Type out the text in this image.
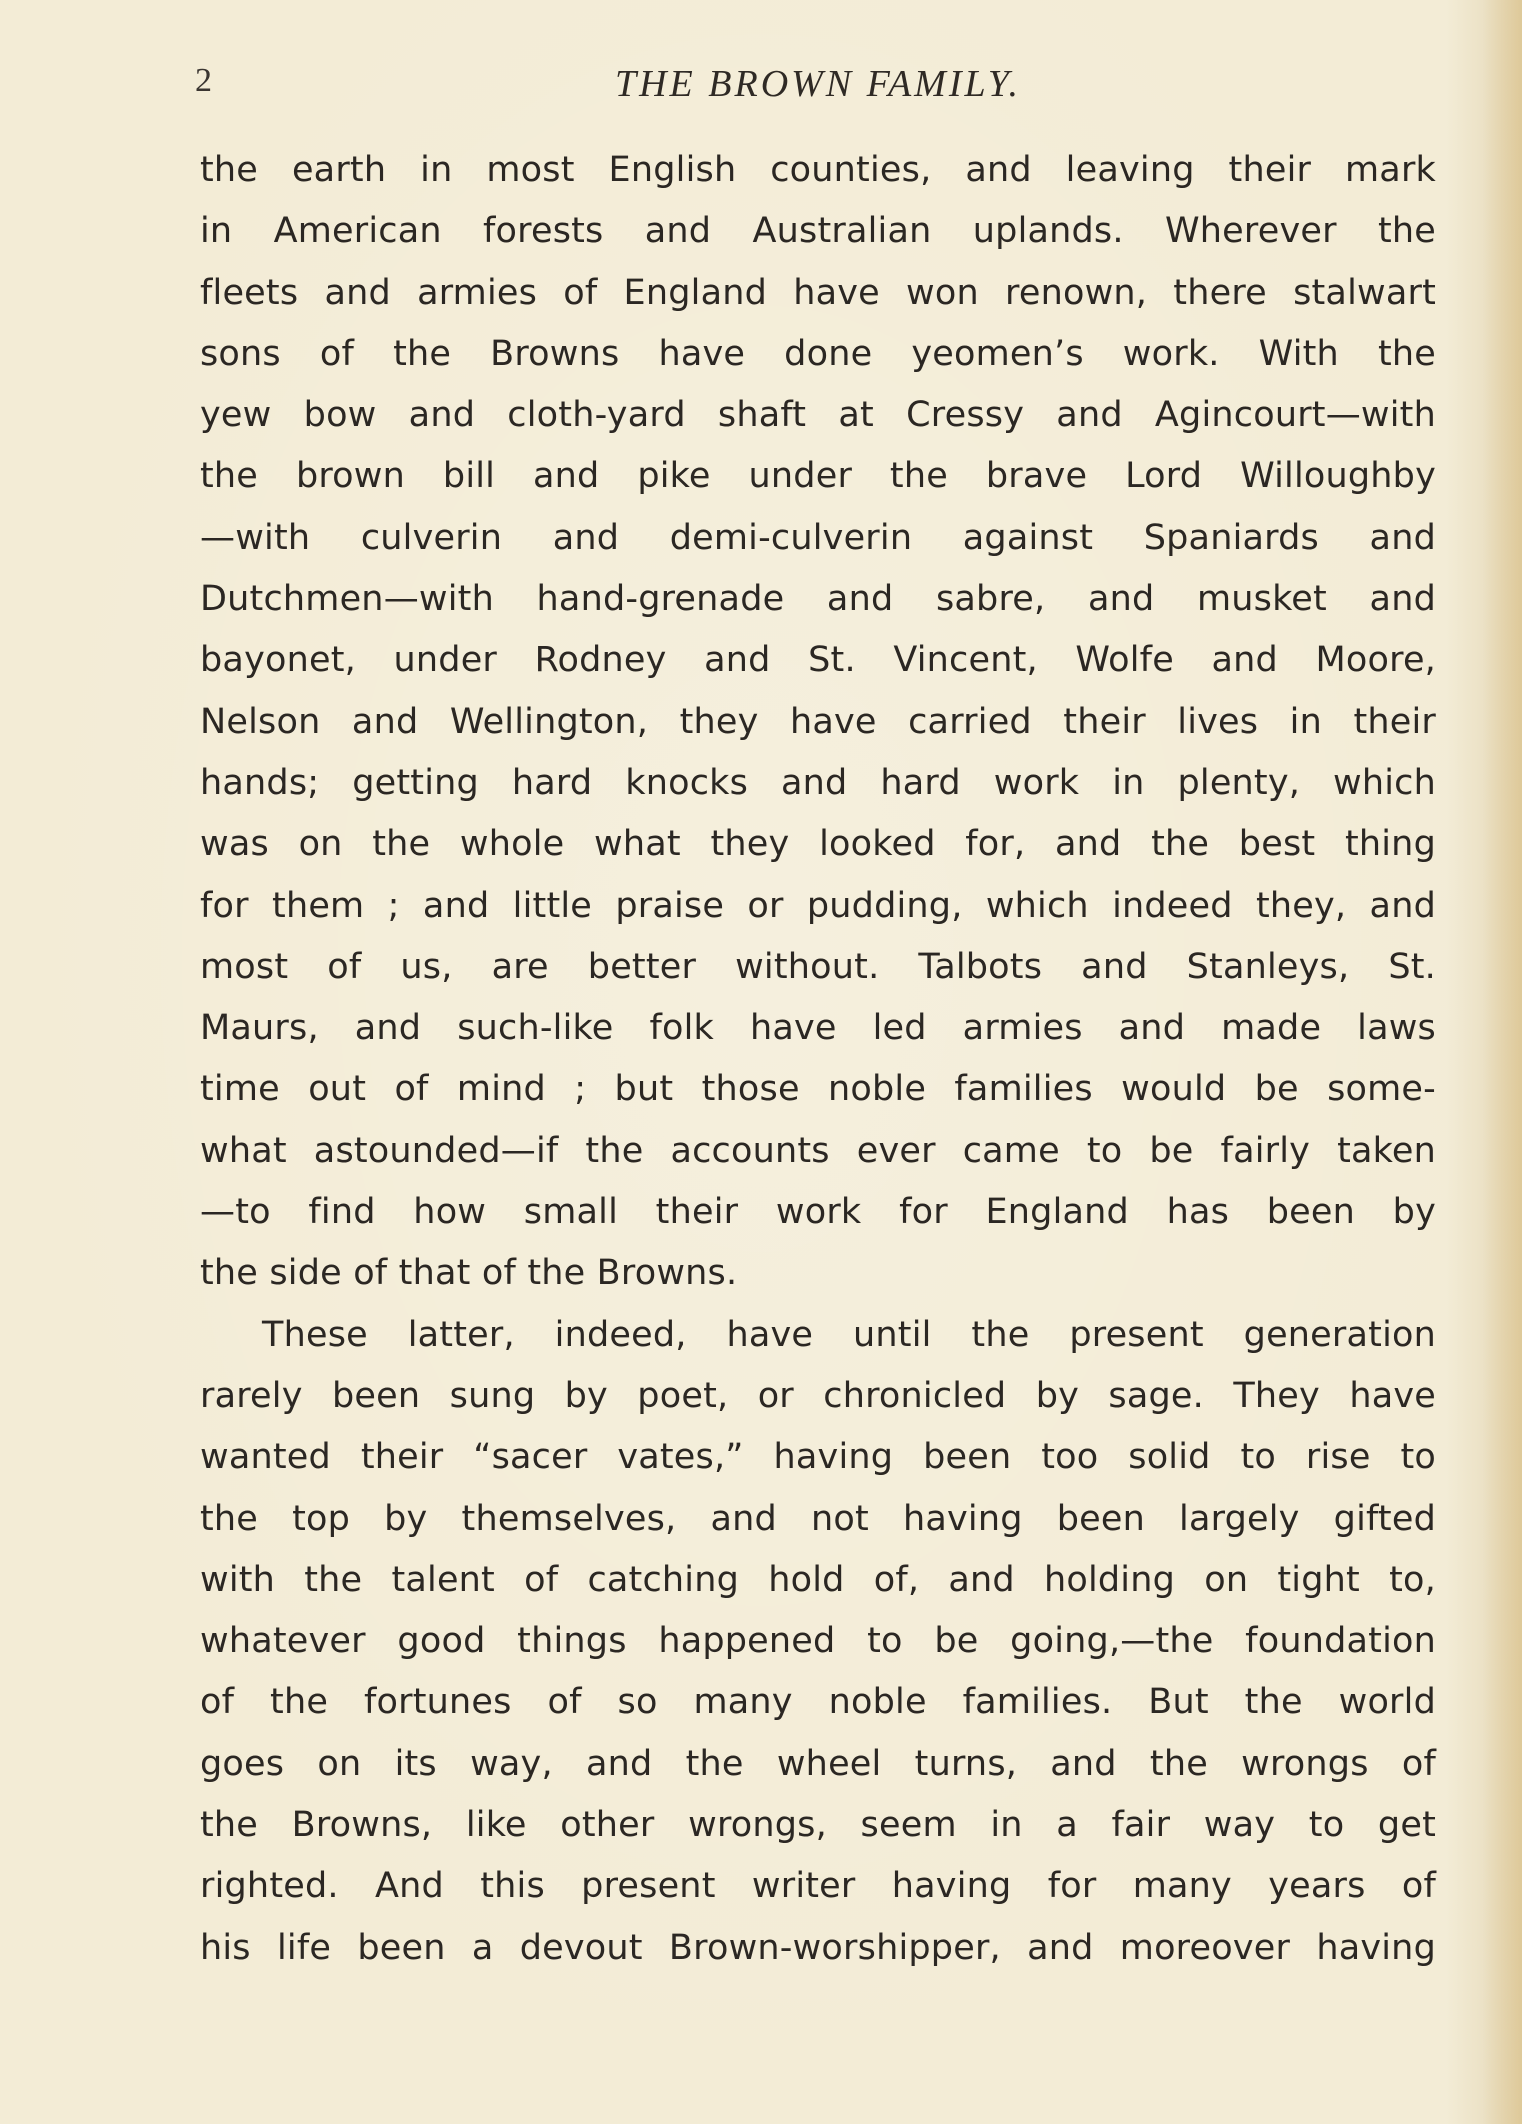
2	THE BROWN FAMILY.
the earth in most English counties, and leaving their mark
in American forests and Australian uplands. Wherever the
fleets and armies of England have won renown, there stalwart
sons of the Browns have done yeomen’s work. With the
yew bow and cloth-yard shaft at Cressy and Agincourt—with
the brown bill and pike under the brave Lord Willoughby
—with culverin and demi-culverin against Spaniards and
Dutchmen—with hand-grenade and sabre, and musket and
bayonet, under Rodney and St. Vincent, Wolfe and Moore,
Nelson and Wellington, they have carried their lives in their
hands; getting hard knocks and hard work in plenty, which
was on the whole what they looked for, and the best thing
for them ; and little praise or pudding, which indeed they, and
most of us, are better without. Talbots and Stanleys, St.
Maurs, and such-like folk have led armies and made laws
time out of mind ; but those noble families would be some-
what astounded—if the accounts ever came to be fairly taken
—to find how small their work for England has been by
the side of that of the Browns.
These latter, indeed, have until the present generation
rarely been sung by poet, or chronicled by sage. They have
wanted their “sacer vates,” having been too solid to rise to
the top by themselves, and not having been largely gifted
with the talent of catching hold of, and holding on tight to,
whatever good things happened to be going,—the foundation
of the fortunes of so many noble families. But the world
goes on its way, and the wheel turns, and the wrongs of
the Browns, like other wrongs, seem in a fair way to get
righted. And this present writer having for many years of
his life been a devout Brown-worshipper, and moreover having
